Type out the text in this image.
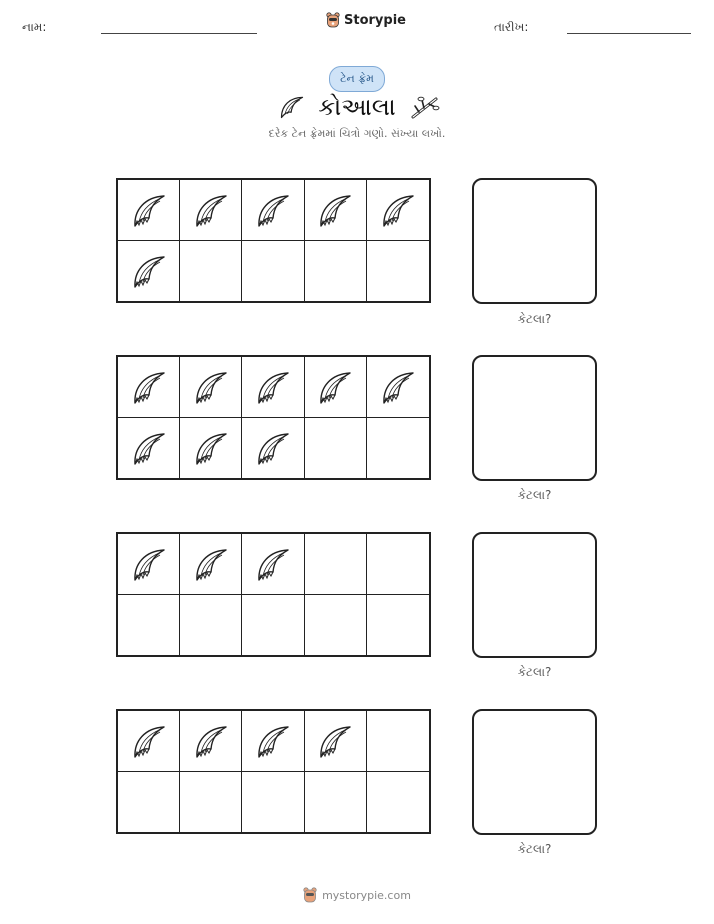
નામ:	Storypie	તારીખ:
ટેન ફ્રેમ
કોઆલા
દરેક ટેન ફ્રેમમાં ચિત્રો ગણો. સંખ્યા લખો.
કેટલા?
કેટલા?
કેટલા?
કેટલા?
mystorypie.com
